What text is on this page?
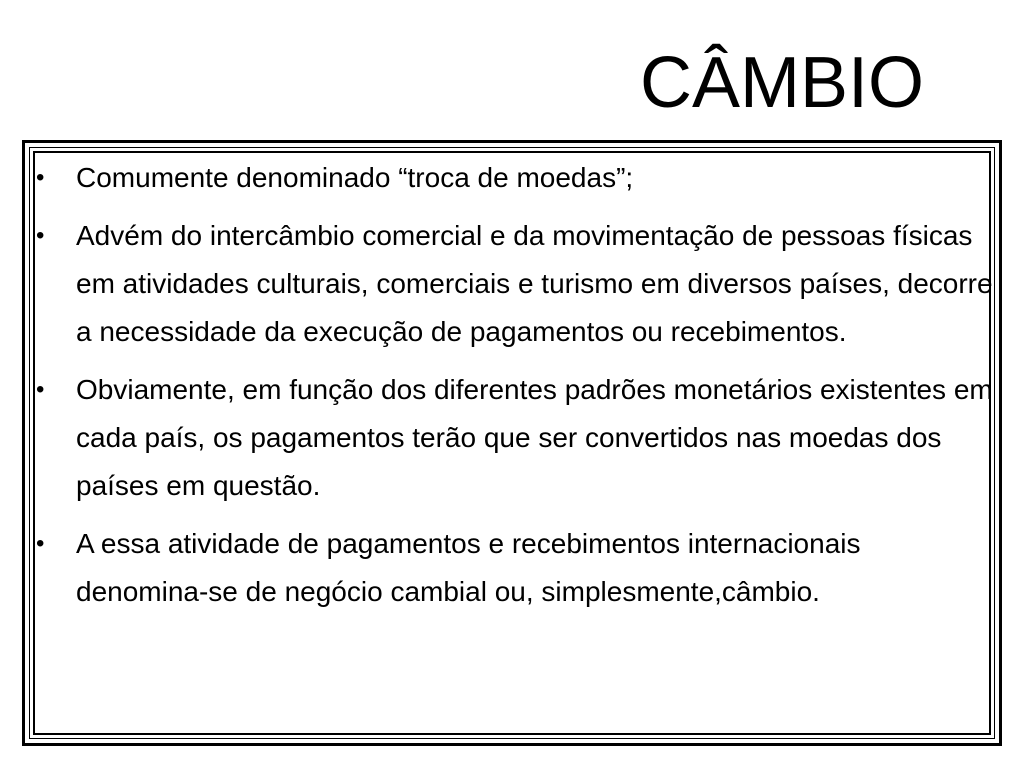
CÂMBIO
• Comumente denominado “troca de moedas”;
• Advém do intercâmbio comercial e da movimentação de pessoas físicas em atividades culturais, comerciais e turismo em diversos países, decorre a necessidade da execução de pagamentos ou recebimentos.
• Obviamente, em função dos diferentes padrões monetários existentes em cada país, os pagamentos terão que ser convertidos nas moedas dos países em questão.
• A essa atividade de pagamentos e recebimentos internacionais denomina-se de negócio cambial ou, simplesmente,câmbio.
